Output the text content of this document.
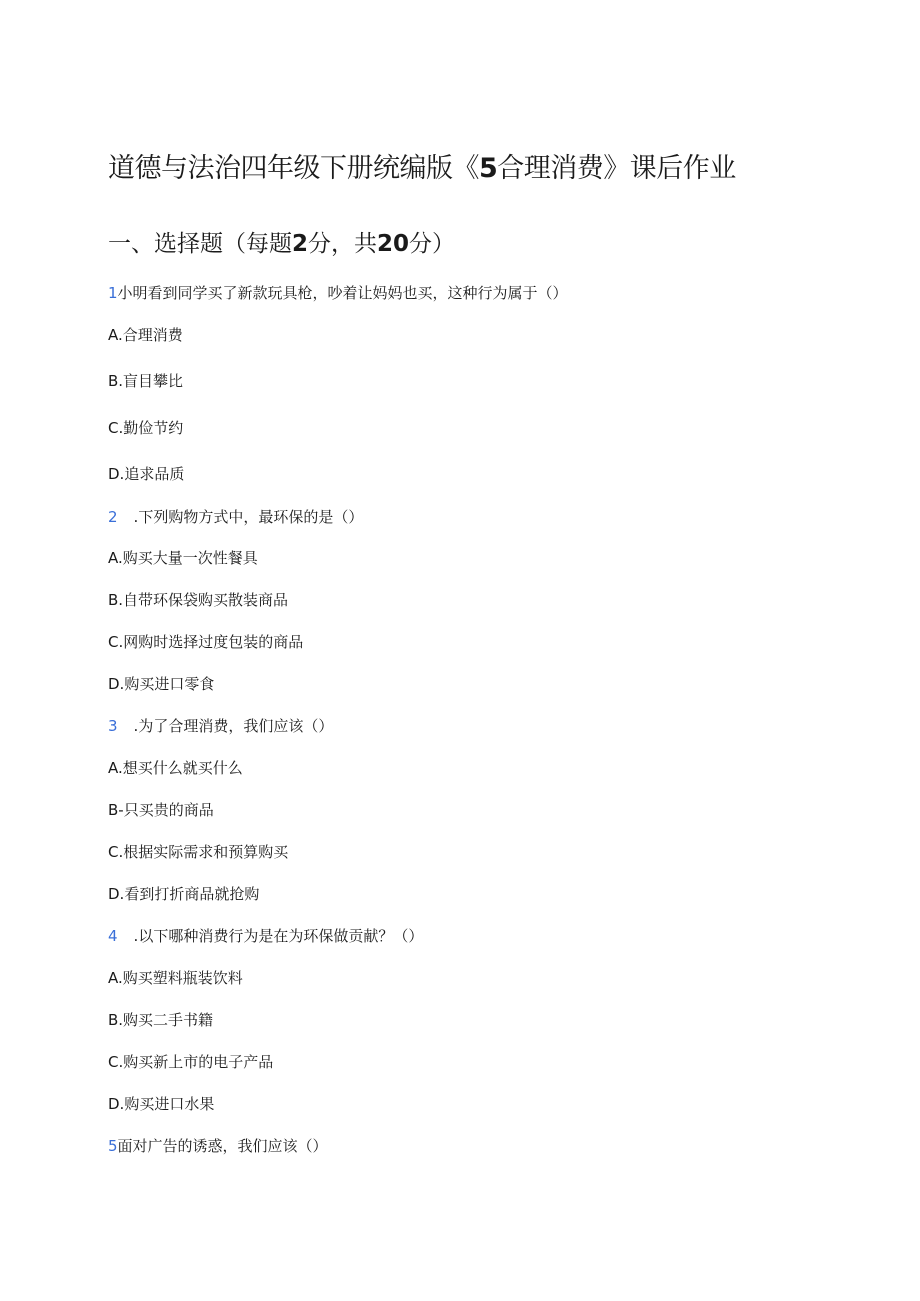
道德与法治四年级下册统编版《5合理消费》课后作业
一、选择题（每题2分，共20分）
1小明看到同学买了新款玩具枪，吵着让妈妈也买，这种行为属于（）
A.合理消费
B.盲目攀比
C.勤俭节约
D.追求品质
2 .下列购物方式中，最环保的是（）
A.购买大量一次性餐具
B.自带环保袋购买散装商品
C.网购时选择过度包装的商品
D.购买进口零食
3 .为了合理消费，我们应该（）
A.想买什么就买什么
B-只买贵的商品
C.根据实际需求和预算购买
D.看到打折商品就抢购
4 .以下哪种消费行为是在为环保做贡献？（）
A.购买塑料瓶装饮料
B.购买二手书籍
C.购买新上市的电子产品
D.购买进口水果
5面对广告的诱惑，我们应该（）
